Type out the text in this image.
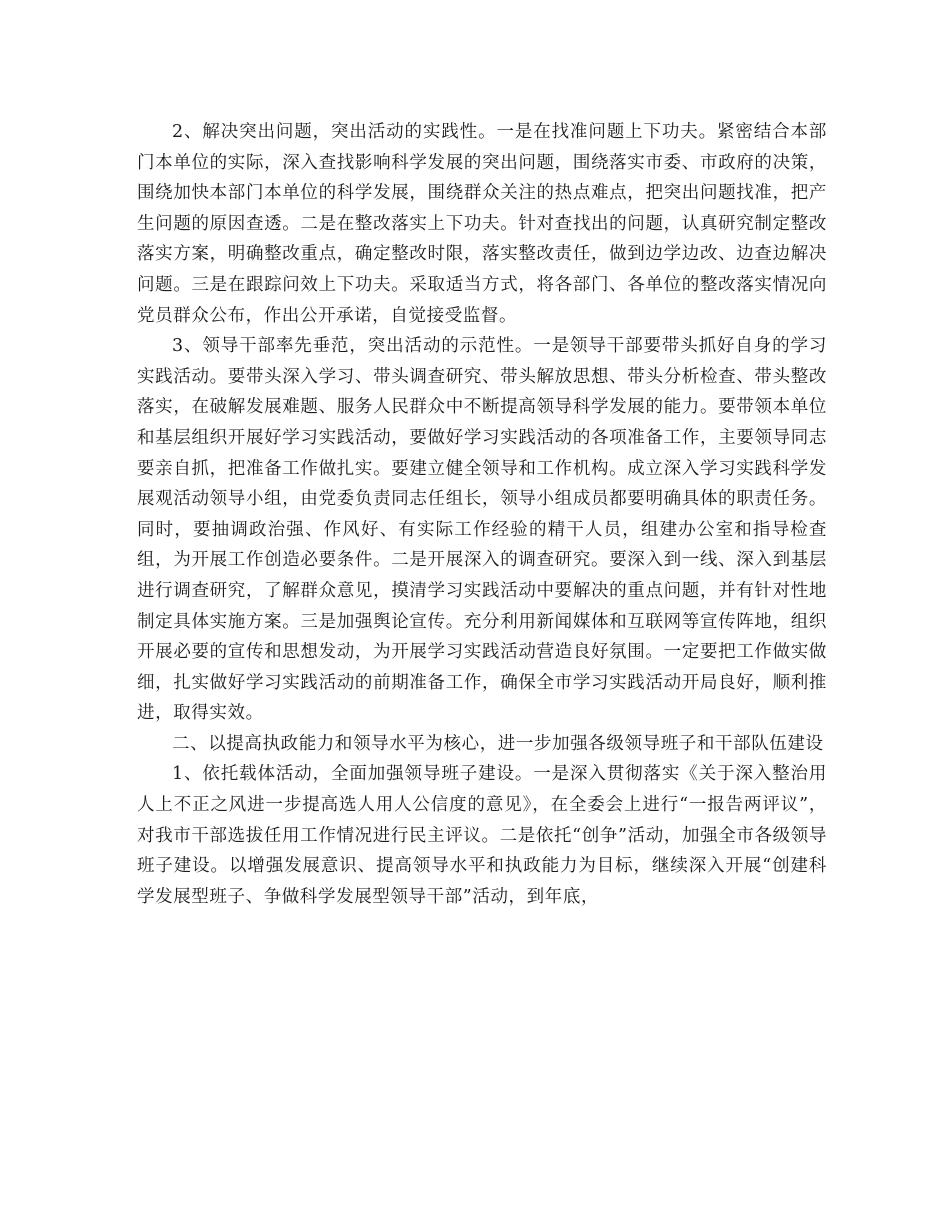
2、解决突出问题，突出活动的实践性。一是在找准问题上下功夫。紧密结合本部门本单位的实际，深入查找影响科学发展的突出问题，围绕落实市委、市政府的决策，围绕加快本部门本单位的科学发展，围绕群众关注的热点难点，把突出问题找准，把产生问题的原因查透。二是在整改落实上下功夫。针对查找出的问题，认真研究制定整改落实方案，明确整改重点，确定整改时限，落实整改责任，做到边学边改、边查边解决问题。三是在跟踪问效上下功夫。采取适当方式，将各部门、各单位的整改落实情况向党员群众公布，作出公开承诺，自觉接受监督。

3、领导干部率先垂范，突出活动的示范性。一是领导干部要带头抓好自身的学习实践活动。要带头深入学习、带头调查研究、带头解放思想、带头分析检查、带头整改落实，在破解发展难题、服务人民群众中不断提高领导科学发展的能力。要带领本单位和基层组织开展好学习实践活动，要做好学习实践活动的各项准备工作，主要领导同志要亲自抓，把准备工作做扎实。要建立健全领导和工作机构。成立深入学习实践科学发展观活动领导小组，由党委负责同志任组长，领导小组成员都要明确具体的职责任务。同时，要抽调政治强、作风好、有实际工作经验的精干人员，组建办公室和指导检查组，为开展工作创造必要条件。二是开展深入的调查研究。要深入到一线、深入到基层进行调查研究，了解群众意见，摸清学习实践活动中要解决的重点问题，并有针对性地制定具体实施方案。三是加强舆论宣传。充分利用新闻媒体和互联网等宣传阵地，组织开展必要的宣传和思想发动，为开展学习实践活动营造良好氛围。一定要把工作做实做细，扎实做好学习实践活动的前期准备工作，确保全市学习实践活动开局良好，顺利推进，取得实效。

二、以提高执政能力和领导水平为核心，进一步加强各级领导班子和干部队伍建设

1、依托载体活动，全面加强领导班子建设。一是深入贯彻落实《关于深入整治用人上不正之风进一步提高选人用人公信度的意见》，在全委会上进行“一报告两评议”，对我市干部选拔任用工作情况进行民主评议。二是依托“创争”活动，加强全市各级领导班子建设。以增强发展意识、提高领导水平和执政能力为目标，继续深入开展“创建科学发展型班子、争做科学发展型领导干部”活动，到年底，
